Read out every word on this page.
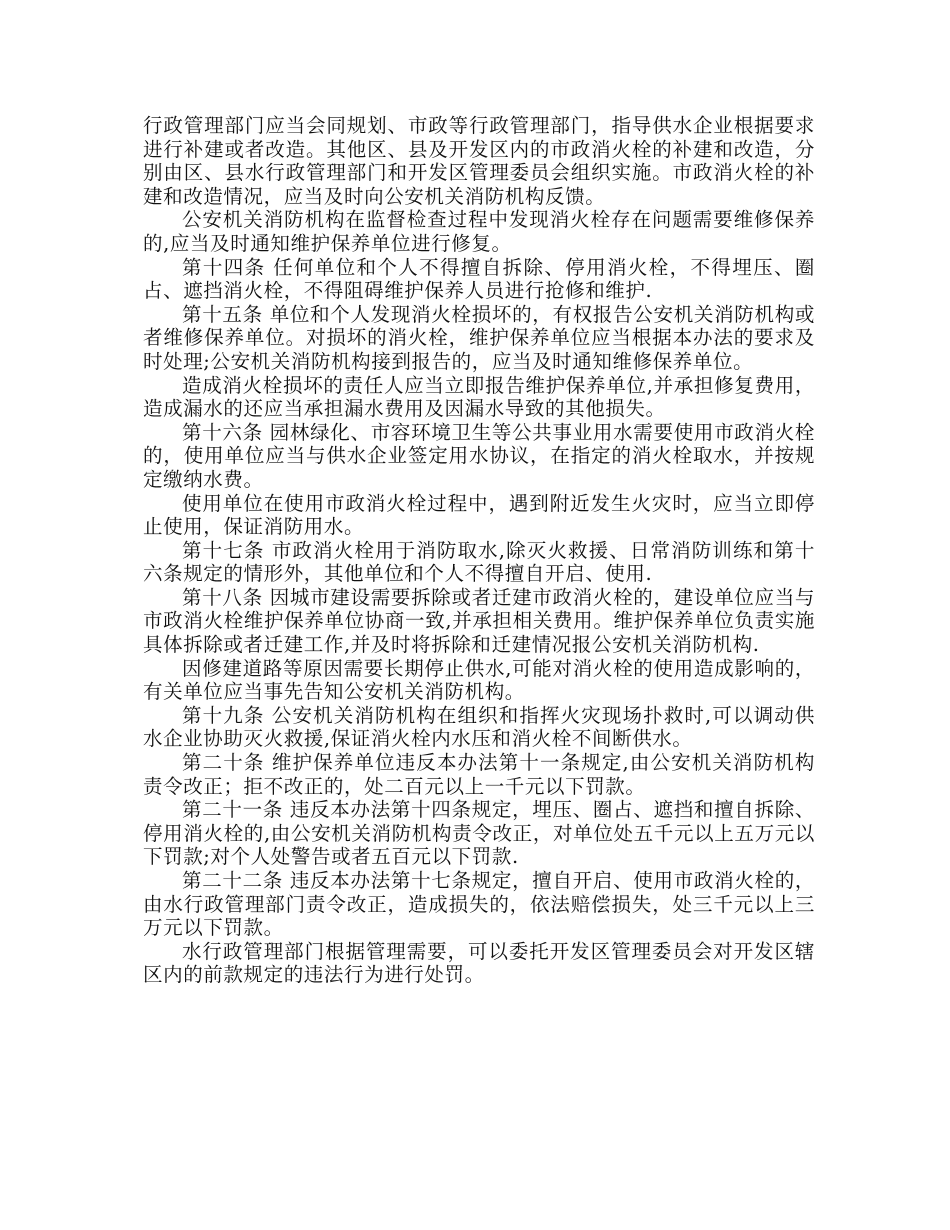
行政管理部门应当会同规划、市政等行政管理部门，指导供水企业根据要求进行补建或者改造。其他区、县及开发区内的市政消火栓的补建和改造，分别由区、县水行政管理部门和开发区管理委员会组织实施。市政消火栓的补建和改造情况，应当及时向公安机关消防机构反馈。

公安机关消防机构在监督检查过程中发现消火栓存在问题需要维修保养的,应当及时通知维护保养单位进行修复。

第十四条 任何单位和个人不得擅自拆除、停用消火栓，不得埋压、圈占、遮挡消火栓，不得阻碍维护保养人员进行抢修和维护.

第十五条 单位和个人发现消火栓损坏的，有权报告公安机关消防机构或者维修保养单位。对损坏的消火栓，维护保养单位应当根据本办法的要求及时处理;公安机关消防机构接到报告的，应当及时通知维修保养单位。

造成消火栓损坏的责任人应当立即报告维护保养单位,并承担修复费用，造成漏水的还应当承担漏水费用及因漏水导致的其他损失。

第十六条 园林绿化、市容环境卫生等公共事业用水需要使用市政消火栓的，使用单位应当与供水企业签定用水协议，在指定的消火栓取水，并按规定缴纳水费。

使用单位在使用市政消火栓过程中，遇到附近发生火灾时，应当立即停止使用，保证消防用水。

第十七条 市政消火栓用于消防取水,除灭火救援、日常消防训练和第十六条规定的情形外，其他单位和个人不得擅自开启、使用.

第十八条 因城市建设需要拆除或者迁建市政消火栓的，建设单位应当与市政消火栓维护保养单位协商一致,并承担相关费用。维护保养单位负责实施具体拆除或者迁建工作,并及时将拆除和迁建情况报公安机关消防机构.

因修建道路等原因需要长期停止供水,可能对消火栓的使用造成影响的，有关单位应当事先告知公安机关消防机构。

第十九条 公安机关消防机构在组织和指挥火灾现场扑救时,可以调动供水企业协助灭火救援,保证消火栓内水压和消火栓不间断供水。

第二十条 维护保养单位违反本办法第十一条规定,由公安机关消防机构责令改正；拒不改正的，处二百元以上一千元以下罚款。

第二十一条 违反本办法第十四条规定，埋压、圈占、遮挡和擅自拆除、停用消火栓的,由公安机关消防机构责令改正，对单位处五千元以上五万元以下罚款;对个人处警告或者五百元以下罚款.

第二十二条 违反本办法第十七条规定，擅自开启、使用市政消火栓的，由水行政管理部门责令改正，造成损失的，依法赔偿损失，处三千元以上三万元以下罚款。

水行政管理部门根据管理需要，可以委托开发区管理委员会对开发区辖区内的前款规定的违法行为进行处罚。
